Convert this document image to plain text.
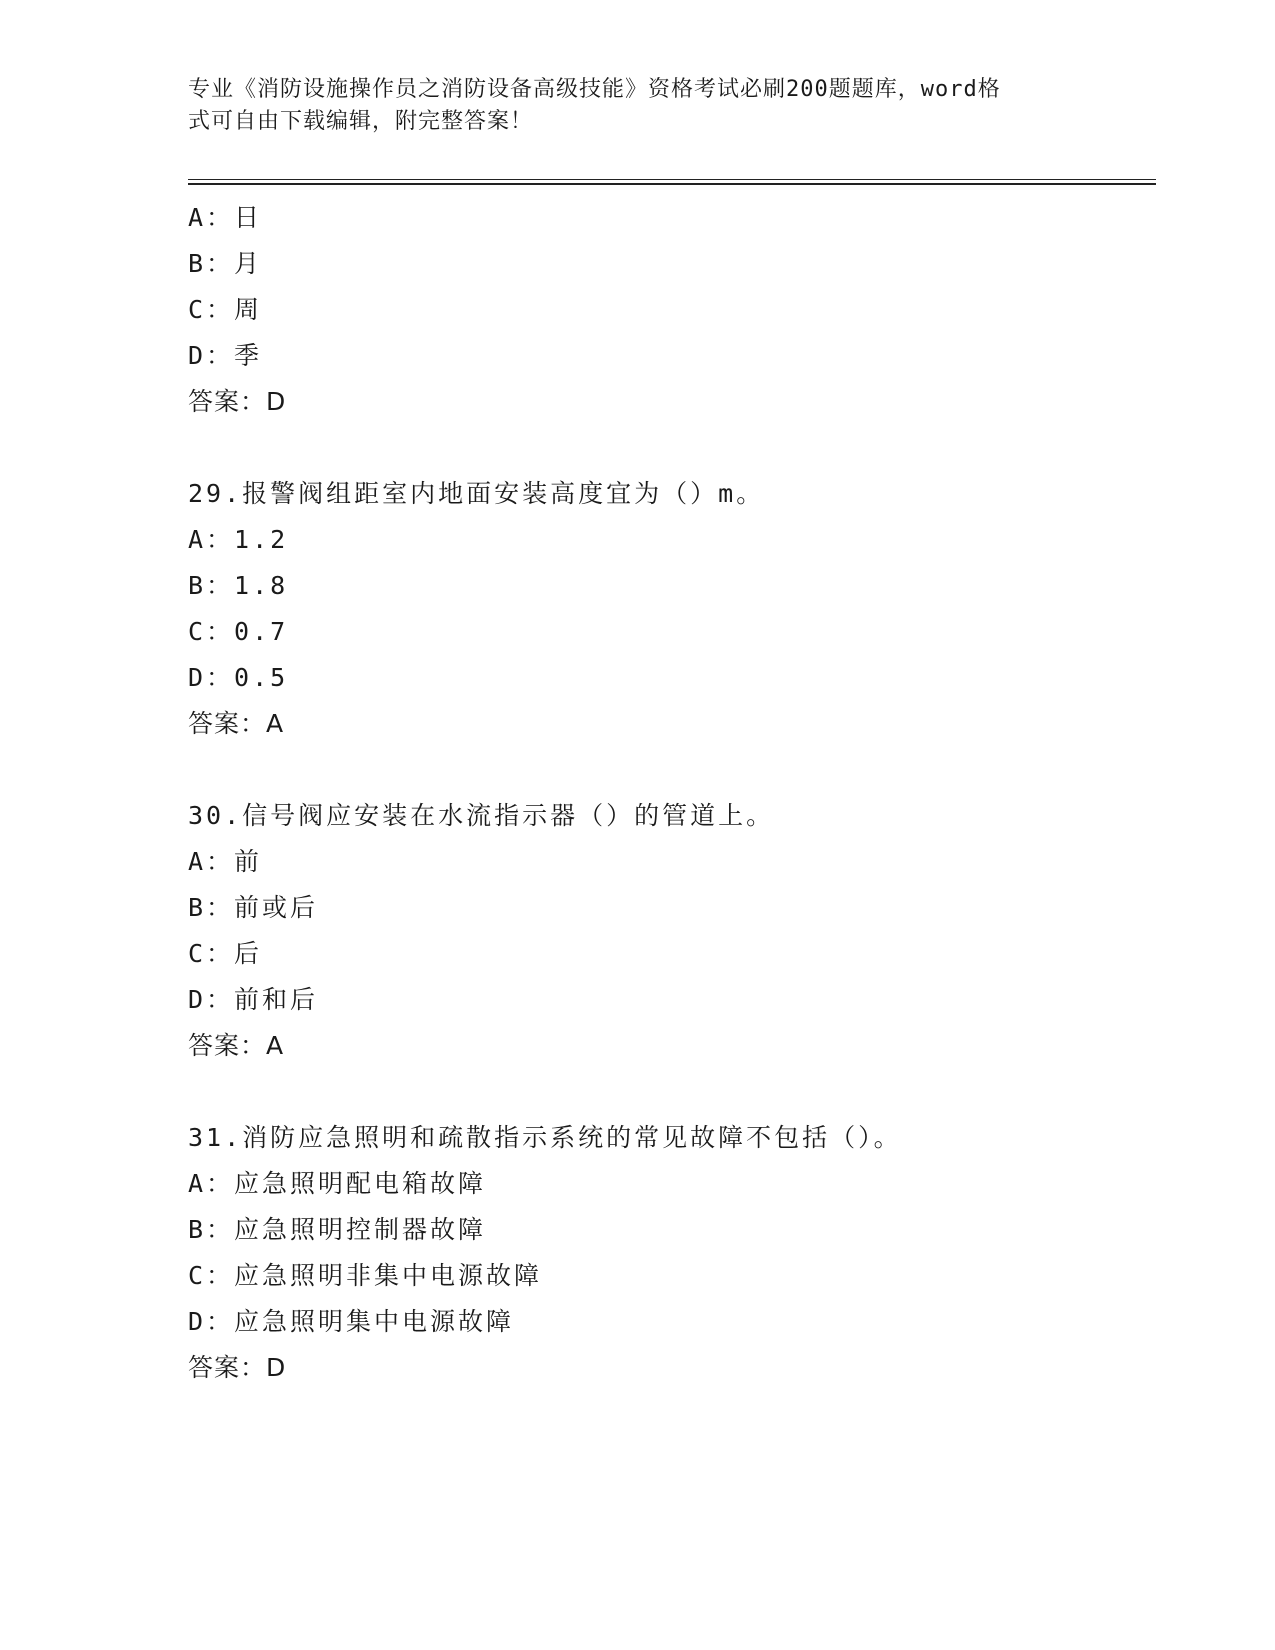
专业《消防设施操作员之消防设备高级技能》资格考试必刷200题题库，word格
式可自由下载编辑，附完整答案！
A：日
B：月
C：周
D：季
答案：D
29.报警阀组距室内地面安装高度宜为（）m。
A：1.2
B：1.8
C：0.7
D：0.5
答案：A
30.信号阀应安装在水流指示器（）的管道上。
A：前
B：前或后
C：后
D：前和后
答案：A
31.消防应急照明和疏散指示系统的常见故障不包括（）。
A：应急照明配电箱故障
B：应急照明控制器故障
C：应急照明非集中电源故障
D：应急照明集中电源故障
答案：D
